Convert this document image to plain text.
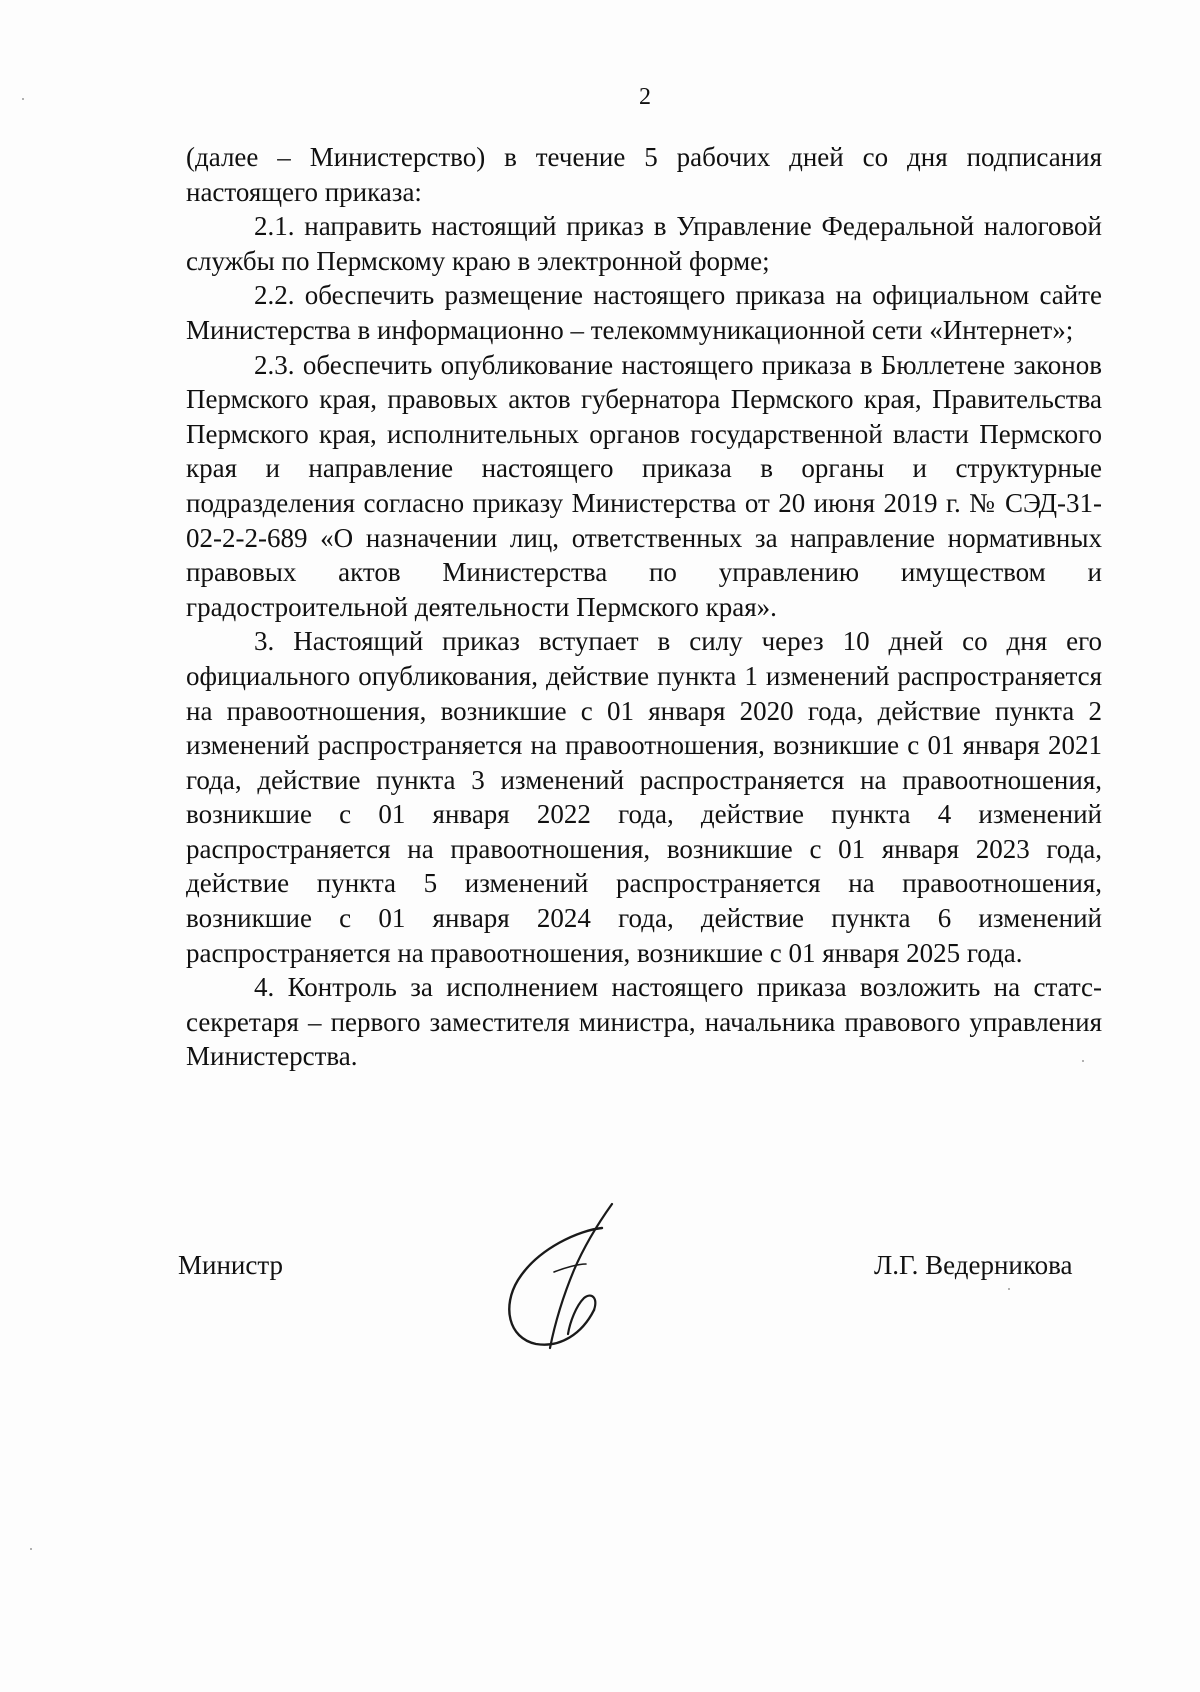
2

(далее – Министерство) в течение 5 рабочих дней со дня подписания настоящего приказа:

2.1. направить настоящий приказ в Управление Федеральной налоговой службы по Пермскому краю в электронной форме;

2.2. обеспечить размещение настоящего приказа на официальном сайте Министерства в информационно – телекоммуникационной сети «Интернет»;

2.3. обеспечить опубликование настоящего приказа в Бюллетене законов Пермского края, правовых актов губернатора Пермского края, Правительства Пермского края, исполнительных органов государственной власти Пермского края и направление настоящего приказа в органы и структурные подразделения согласно приказу Министерства от 20 июня 2019 г. № СЭД-31-02-2-2-689 «О назначении лиц, ответственных за направление нормативных правовых актов Министерства по управлению имуществом и градостроительной деятельности Пермского края».

3. Настоящий приказ вступает в силу через 10 дней со дня его официального опубликования, действие пункта 1 изменений распространяется на правоотношения, возникшие с 01 января 2020 года, действие пункта 2 изменений распространяется на правоотношения, возникшие с 01 января 2021 года, действие пункта 3 изменений распространяется на правоотношения, возникшие с 01 января 2022 года, действие пункта 4 изменений распространяется на правоотношения, возникшие с 01 января 2023 года, действие пункта 5 изменений распространяется на правоотношения, возникшие с 01 января 2024 года, действие пункта 6 изменений распространяется на правоотношения, возникшие с 01 января 2025 года.

4. Контроль за исполнением настоящего приказа возложить на статс-секретаря – первого заместителя министра, начальника правового управления Министерства.

Министр	Л.Г. Ведерникова
